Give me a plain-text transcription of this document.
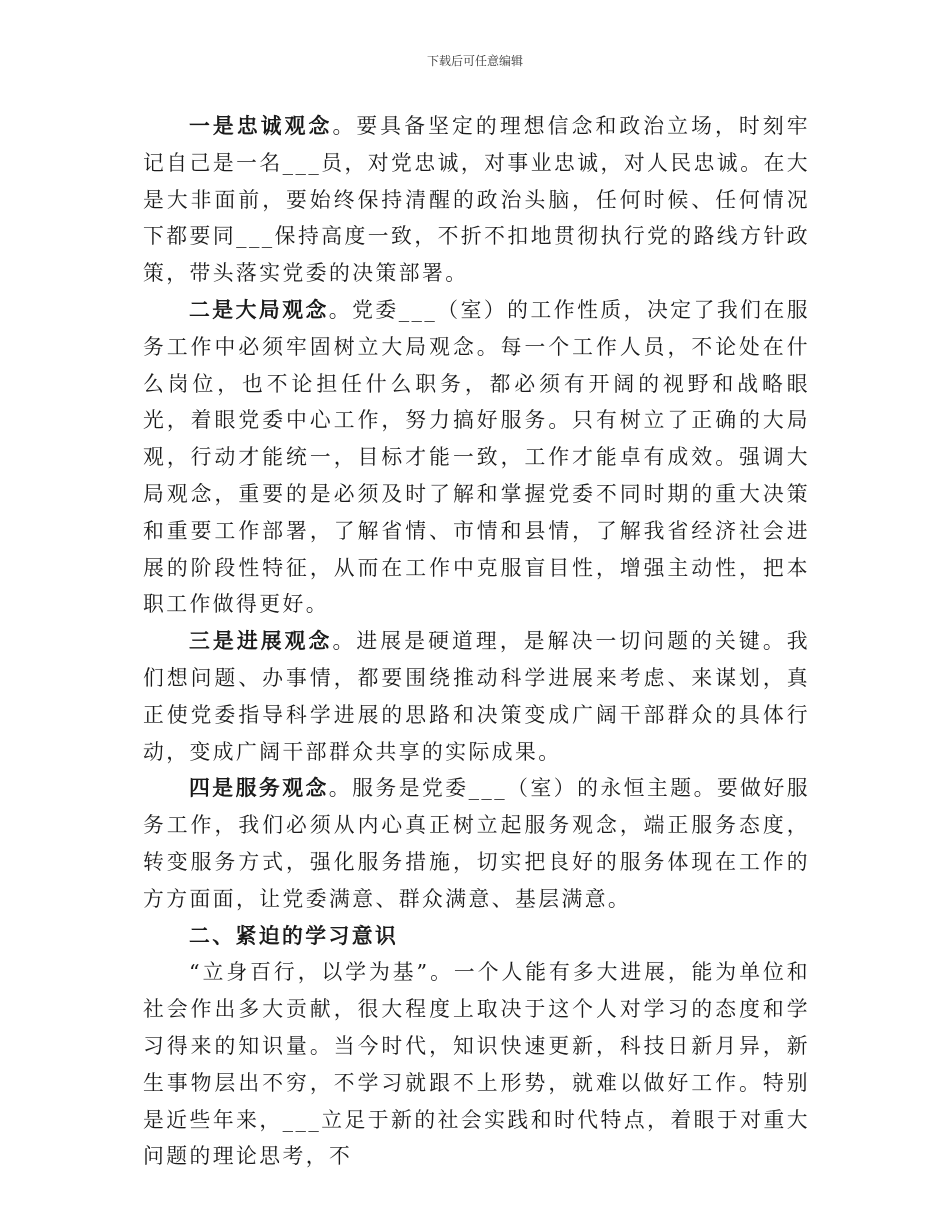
下载后可任意编辑

一是忠诚观念。要具备坚定的理想信念和政治立场，时刻牢记自己是一名___员，对党忠诚，对事业忠诚，对人民忠诚。在大是大非面前，要始终保持清醒的政治头脑，任何时候、任何情况下都要同___保持高度一致，不折不扣地贯彻执行党的路线方针政策，带头落实党委的决策部署。

二是大局观念。党委___（室）的工作性质，决定了我们在服务工作中必须牢固树立大局观念。每一个工作人员，不论处在什么岗位，也不论担任什么职务，都必须有开阔的视野和战略眼光，着眼党委中心工作，努力搞好服务。只有树立了正确的大局观，行动才能统一，目标才能一致，工作才能卓有成效。强调大局观念，重要的是必须及时了解和掌握党委不同时期的重大决策和重要工作部署，了解省情、市情和县情，了解我省经济社会进展的阶段性特征，从而在工作中克服盲目性，增强主动性，把本职工作做得更好。

三是进展观念。进展是硬道理，是解决一切问题的关键。我们想问题、办事情，都要围绕推动科学进展来考虑、来谋划，真正使党委指导科学进展的思路和决策变成广阔干部群众的具体行动，变成广阔干部群众共享的实际成果。

四是服务观念。服务是党委___（室）的永恒主题。要做好服务工作，我们必须从内心真正树立起服务观念，端正服务态度，转变服务方式，强化服务措施，切实把良好的服务体现在工作的方方面面，让党委满意、群众满意、基层满意。

二、紧迫的学习意识

“立身百行，以学为基”。一个人能有多大进展，能为单位和社会作出多大贡献，很大程度上取决于这个人对学习的态度和学习得来的知识量。当今时代，知识快速更新，科技日新月异，新生事物层出不穷，不学习就跟不上形势，就难以做好工作。特别是近些年来，___立足于新的社会实践和时代特点，着眼于对重大问题的理论思考，不
